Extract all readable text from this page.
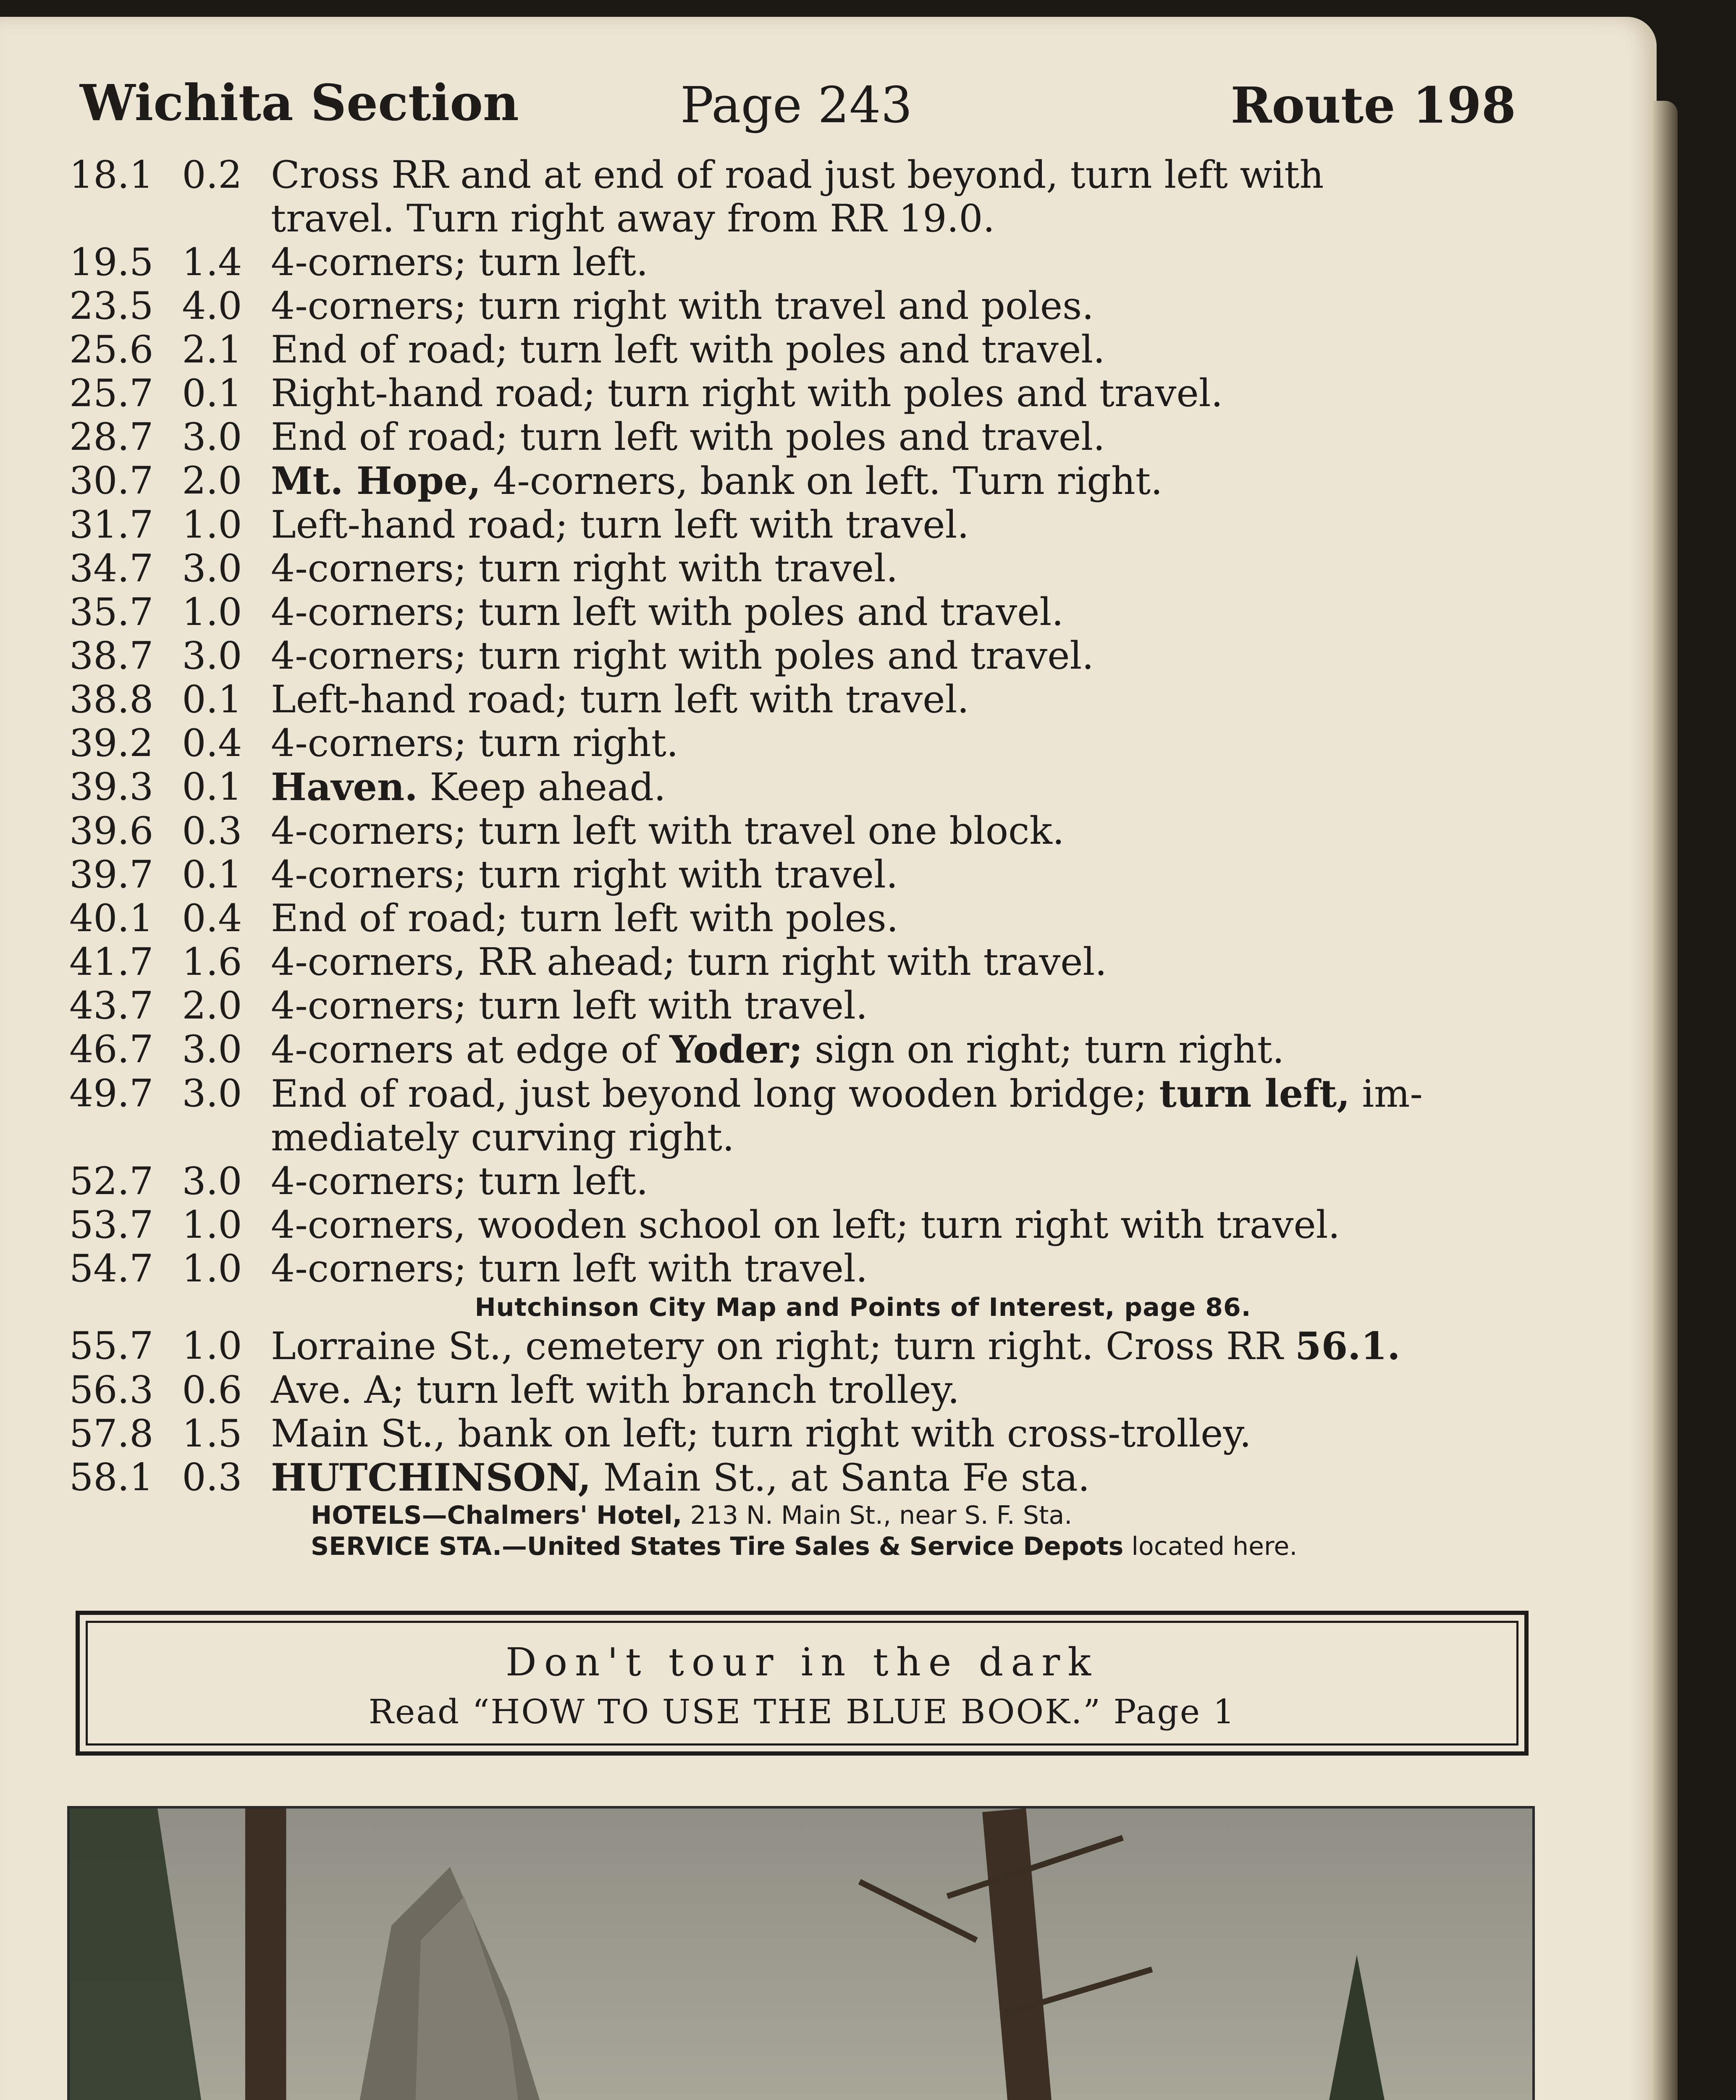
Wichita Section	Page 243	Route 198
18.1 0.2 Cross RR and at end of road just beyond, turn left with
travel. Turn right away from RR 19.0.
19.5 1.4 4-corners; turn left.
23.5 4.0 4-corners; turn right with travel and poles.
25.6 2.1 End of road; turn left with poles and travel.
25.7 0.1 Right-hand road; turn right with poles and travel.
28.7 3.0 End of road; turn left with poles and travel.
30.7 2.0 Mt. Hope, 4-corners, bank on left. Turn right.
31.7 1.0 Left-hand road; turn left with travel.
34.7 3.0 4-corners; turn right with travel.
35.7 1.0 4-corners; turn left with poles and travel.
38.7 3.0 4-corners; turn right with poles and travel.
38.8 0.1 Left-hand road; turn left with travel.
39.2 0.4 4-corners; turn right.
39.3 0.1 Haven. Keep ahead.
39.6 0.3 4-corners; turn left with travel one block.
39.7 0.1 4-corners; turn right with travel.
40.1 0.4 End of road; turn left with poles.
41.7 1.6 4-corners, RR ahead; turn right with travel.
43.7 2.0 4-corners; turn left with travel.
46.7 3.0 4-corners at edge of Yoder; sign on right; turn right.
49.7 3.0 End of road, just beyond long wooden bridge; turn left, im-
mediately curving right.
52.7 3.0 4-corners; turn left.
53.7 1.0 4-corners, wooden school on left; turn right with travel.
54.7 1.0 4-corners; turn left with travel.
Hutchinson City Map and Points of Interest, page 86.
55.7 1.0 Lorraine St., cemetery on right; turn right. Cross RR 56.1.
56.3 0.6 Ave. A; turn left with branch trolley.
57.8 1.5 Main St., bank on left; turn right with cross-trolley.
58.1 0.3 HUTCHINSON, Main St., at Santa Fe sta.
HOTELS—Chalmers' Hotel, 213 N. Main St., near S. F. Sta.
SERVICE STA.—United States Tire Sales & Service Depots located here.
Don't tour in the dark
Read “HOW TO USE THE BLUE BOOK.” Page 1
